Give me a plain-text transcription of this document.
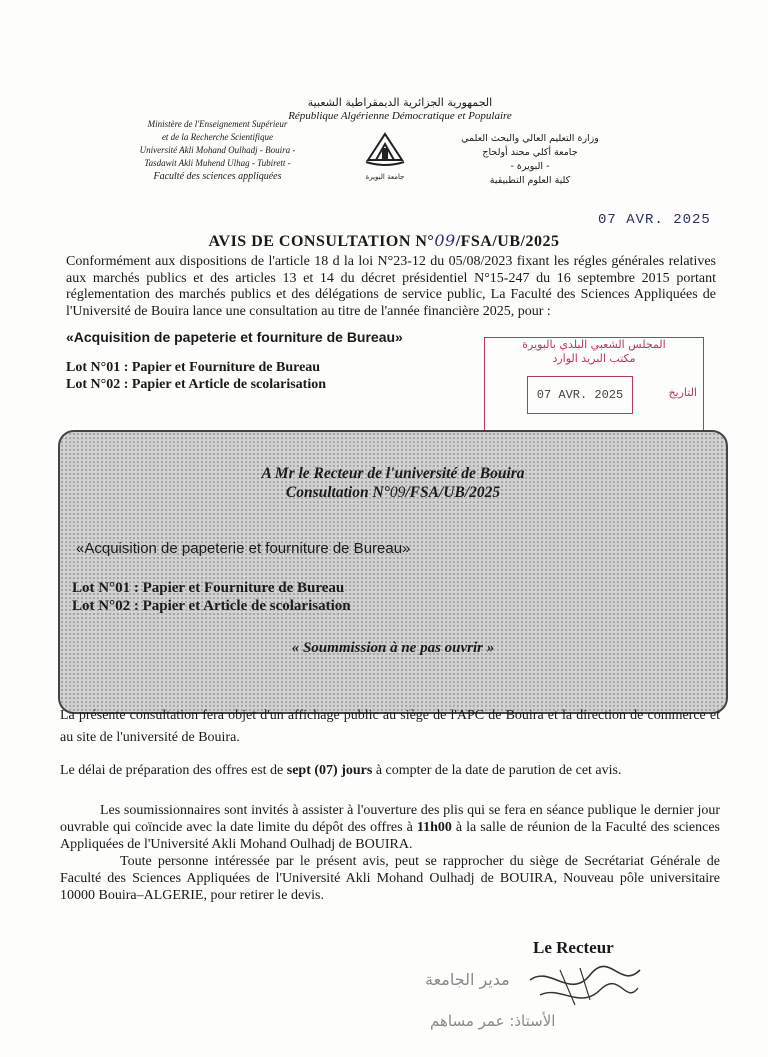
الجمهورية الجزائرية الديمقراطية الشعبية
République Algérienne Démocratique et Populaire
Ministère de l'Enseignement Supérieur
et de la Recherche Scientifique
Université Akli Mohand Oulhadj - Bouira -
Tasdawit Akli Muhend Ulhag - Tubirett -
Faculté des sciences appliquées	جامعة البويرة
وزارة التعليم العالي والبحث العلمي
جامعة أكلي محند أولحاج
- البويرة -
كلية العلوم التطبيقية
07 AVR. 2025
AVIS DE CONSULTATION N°09/FSA/UB/2025
Conformément aux dispositions de l'article 18 d la loi N°23-12 du 05/08/2023 fixant les régles générales relatives aux marchés publics et des articles 13 et 14 du décret présidentiel N°15-247 du 16 septembre 2015 portant réglementation des marchés publics et des délégations de service public, La Faculté des Sciences Appliquées de l'Université de Bouira lance une consultation au titre de l'année financière 2025, pour :
«Acquisition de papeterie et fourniture de Bureau»
Lot N°01 : Papier et Fourniture de Bureau
Lot N°02 : Papier et Article de scolarisation
المجلس الشعبي البلدي بالبويرة
مكتب البريد الوارد
07 AVR. 2025	التاريخ
A Mr le Recteur de l'université de Bouira
Consultation N°09/FSA/UB/2025
«Acquisition de papeterie et fourniture de Bureau»
Lot N°01 : Papier et Fourniture de Bureau
Lot N°02 : Papier et Article de scolarisation
« Soummission à ne pas ouvrir »
La présente consultation fera objet d'un affichage public au siège de l'APC de Bouira et la direction de commerce et au site de l'université de Bouira.
Le délai de préparation des offres est de sept (07) jours à compter de la date de parution de cet avis.
Les soumissionnaires sont invités à assister à l'ouverture des plis qui se fera en séance publique le dernier jour ouvrable qui coïncide avec la date limite du dépôt des offres à 11h00 à la salle de réunion de la Faculté des sciences Appliquées de l'Université Akli Mohand Oulhadj de BOUIRA.
Toute personne intéressée par le présent avis, peut se rapprocher du siège de Secrétariat Générale de Faculté des Sciences Appliquées de l'Université Akli Mohand Oulhadj de BOUIRA, Nouveau pôle universitaire 10000 Bouira–ALGERIE, pour retirer le devis.
Le Recteur
مدير الجامعة
الأستاذ: عمر مساهم
